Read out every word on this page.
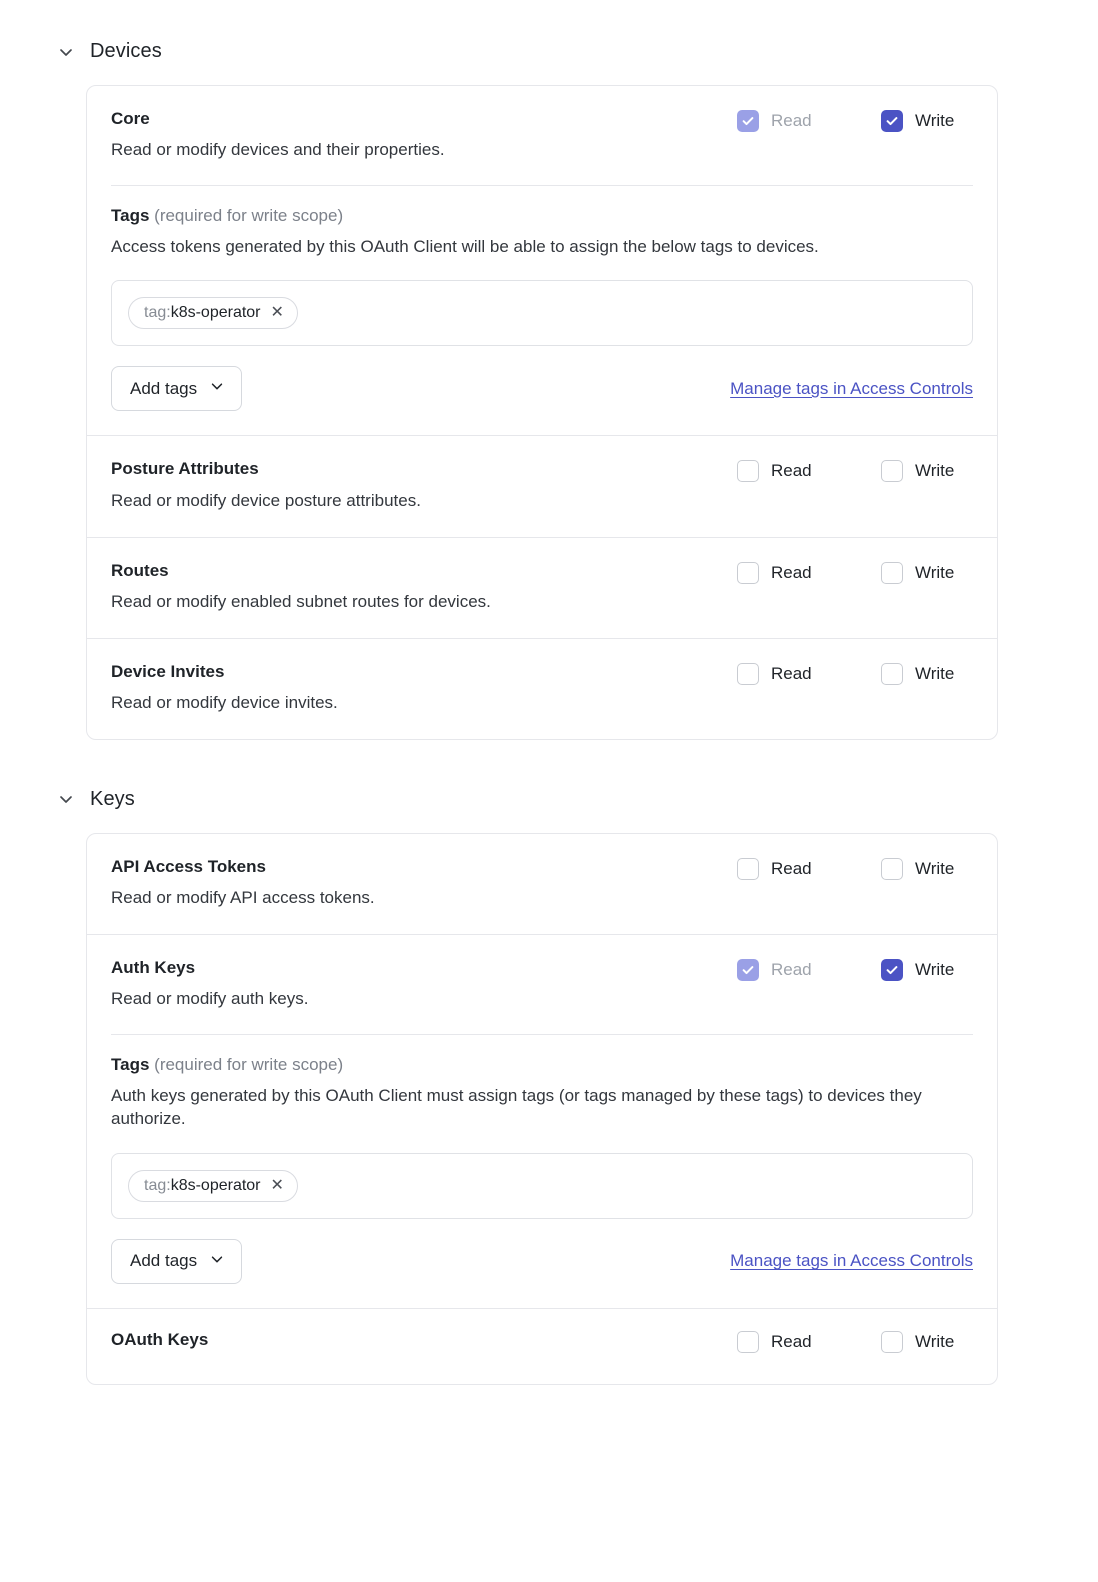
Devices
Core
Read or modify devices and their properties.
Read	Write
Tags (required for write scope)
Access tokens generated by this OAuth Client will be able to assign the below tags to devices.
tag:k8s-operator ✕
Add tags	Manage tags in Access Controls
Posture Attributes
Read or modify device posture attributes.
Read	Write
Routes
Read or modify enabled subnet routes for devices.
Read	Write
Device Invites
Read or modify device invites.
Read	Write
Keys
API Access Tokens
Read or modify API access tokens.
Read	Write
Auth Keys
Read or modify auth keys.
Read	Write
Tags (required for write scope)
Auth keys generated by this OAuth Client must assign tags (or tags managed by these tags) to devices they authorize.
tag:k8s-operator ✕
Add tags	Manage tags in Access Controls
OAuth Keys	Read	Write
